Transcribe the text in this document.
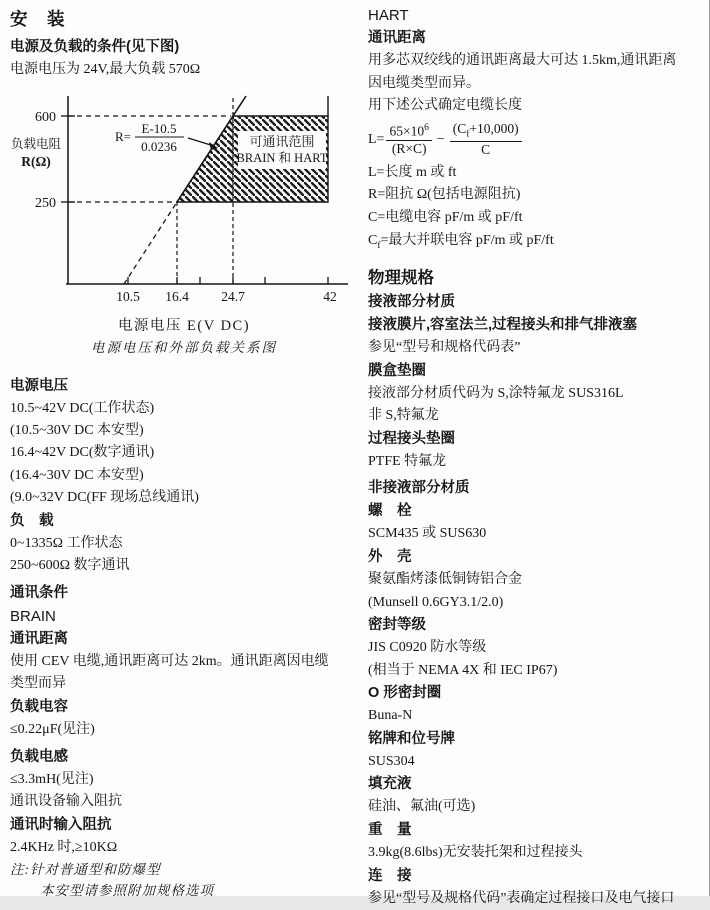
安　装
电源及负载的条件(见下图)
电源电压为 24V,最大负载 570Ω
600
250
10.5 16.4 24.7	42
负载电阻
R(Ω)
R=
E-10.5
0.0236	可通讯范围
BRAIN 和 HART
电源电压 E(V DC)
电源电压和外部负载关系图
电源电压
10.5~42V DC(工作状态)
(10.5~30V DC 本安型)
16.4~42V DC(数字通讯)
(16.4~30V DC 本安型)
(9.0~32V DC(FF 现场总线通讯)
负　载
0~1335Ω 工作状态
250~600Ω 数字通讯
通讯条件
BRAIN
通讯距离
使用 CEV 电缆,通讯距离可达 2km。通讯距离因电缆
类型而异
负载电容
≤0.22μF(见注)
负载电感
≤3.3mH(见注)
通讯设备输入阻抗
通讯时输入阻抗
2.4KHz 时,≥10KΩ
注:针对普通型和防爆型
本安型请参照附加规格选项
HART
通讯距离
用多芯双绞线的通讯距离最大可达 1.5km,通讯距离
因电缆类型而异。
用下述公式确定电缆长度
$L= \frac{65\times 10^6}{(R\times C)} - \frac{(C_f+10,000)}{C}$
L=长度 m 或 ft
R=阻抗 Ω(包括电源阻抗)
C=电缆电容 pF/m 或 pF/ft
$C_f=$最大并联电容 pF/m 或 pF/ft
物理规格
接液部分材质
接液膜片,容室法兰,过程接头和排气排液塞
参见“型号和规格代码表”
膜盒垫圈
接液部分材质代码为 S,涂特氟龙 SUS316L
非 S,特氟龙
过程接头垫圈
PTFE 特氟龙
非接液部分材质
螺　栓
SCM435 或 SUS630
外　壳
聚氨酯烤漆低铜铸铝合金
(Munsell 0.6GY3.1/2.0)
密封等级
JIS C0920 防水等级
(相当于 NEMA 4X 和 IEC IP67)
O 形密封圈
Buna-N
铭牌和位号牌
SUS304
填充液
硅油、氟油(可选)
重　量
3.9kg(8.6lbs)无安装托架和过程接头
连　接
参见“型号及规格代码”表确定过程接口及电气接口
